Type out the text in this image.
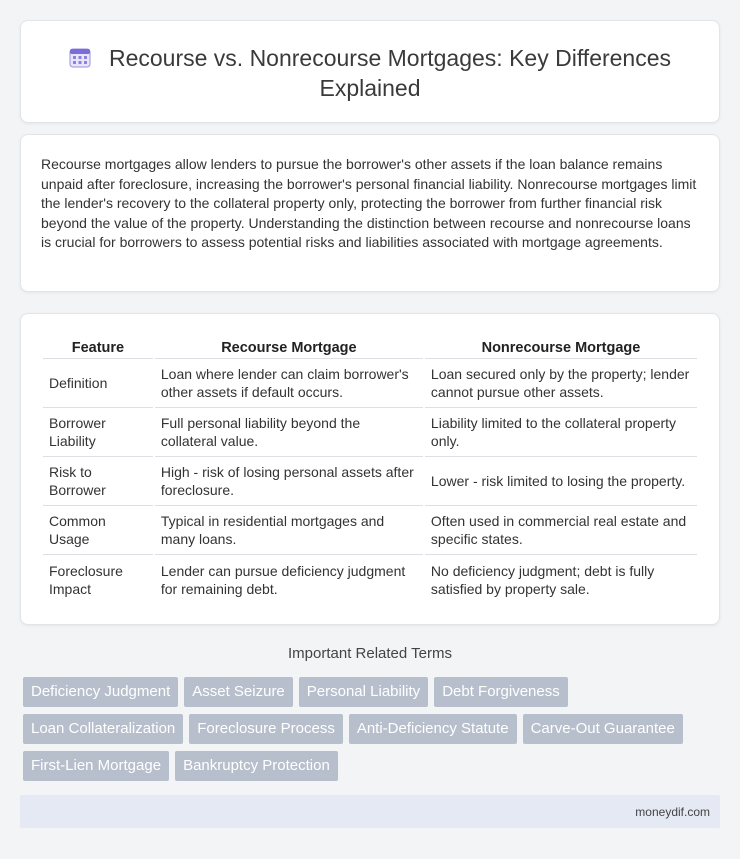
Recourse vs. Nonrecourse Mortgages: Key Differences Explained

Recourse mortgages allow lenders to pursue the borrower's other assets if the loan balance remains unpaid after foreclosure, increasing the borrower's personal financial liability. Nonrecourse mortgages limit the lender's recovery to the collateral property only, protecting the borrower from further financial risk beyond the value of the property. Understanding the distinction between recourse and nonrecourse loans is crucial for borrowers to assess potential risks and liabilities associated with mortgage agreements.

Feature	Recourse Mortgage	Nonrecourse Mortgage
Definition	Loan where lender can claim borrower's other assets if default occurs.	Loan secured only by the property; lender cannot pursue other assets.
Borrower Liability	Full personal liability beyond the collateral value.	Liability limited to the collateral property only.
Risk to Borrower	High - risk of losing personal assets after foreclosure.	Lower - risk limited to losing the property.
Common Usage	Typical in residential mortgages and many loans.	Often used in commercial real estate and specific states.
Foreclosure Impact	Lender can pursue deficiency judgment for remaining debt.	No deficiency judgment; debt is fully satisfied by property sale.
Important Related Terms
Deficiency Judgment	Asset Seizure	Personal Liability	Debt Forgiveness
Loan Collateralization	Foreclosure Process	Anti-Deficiency Statute	Carve-Out Guarantee
First-Lien Mortgage	Bankruptcy Protection
moneydif.com
